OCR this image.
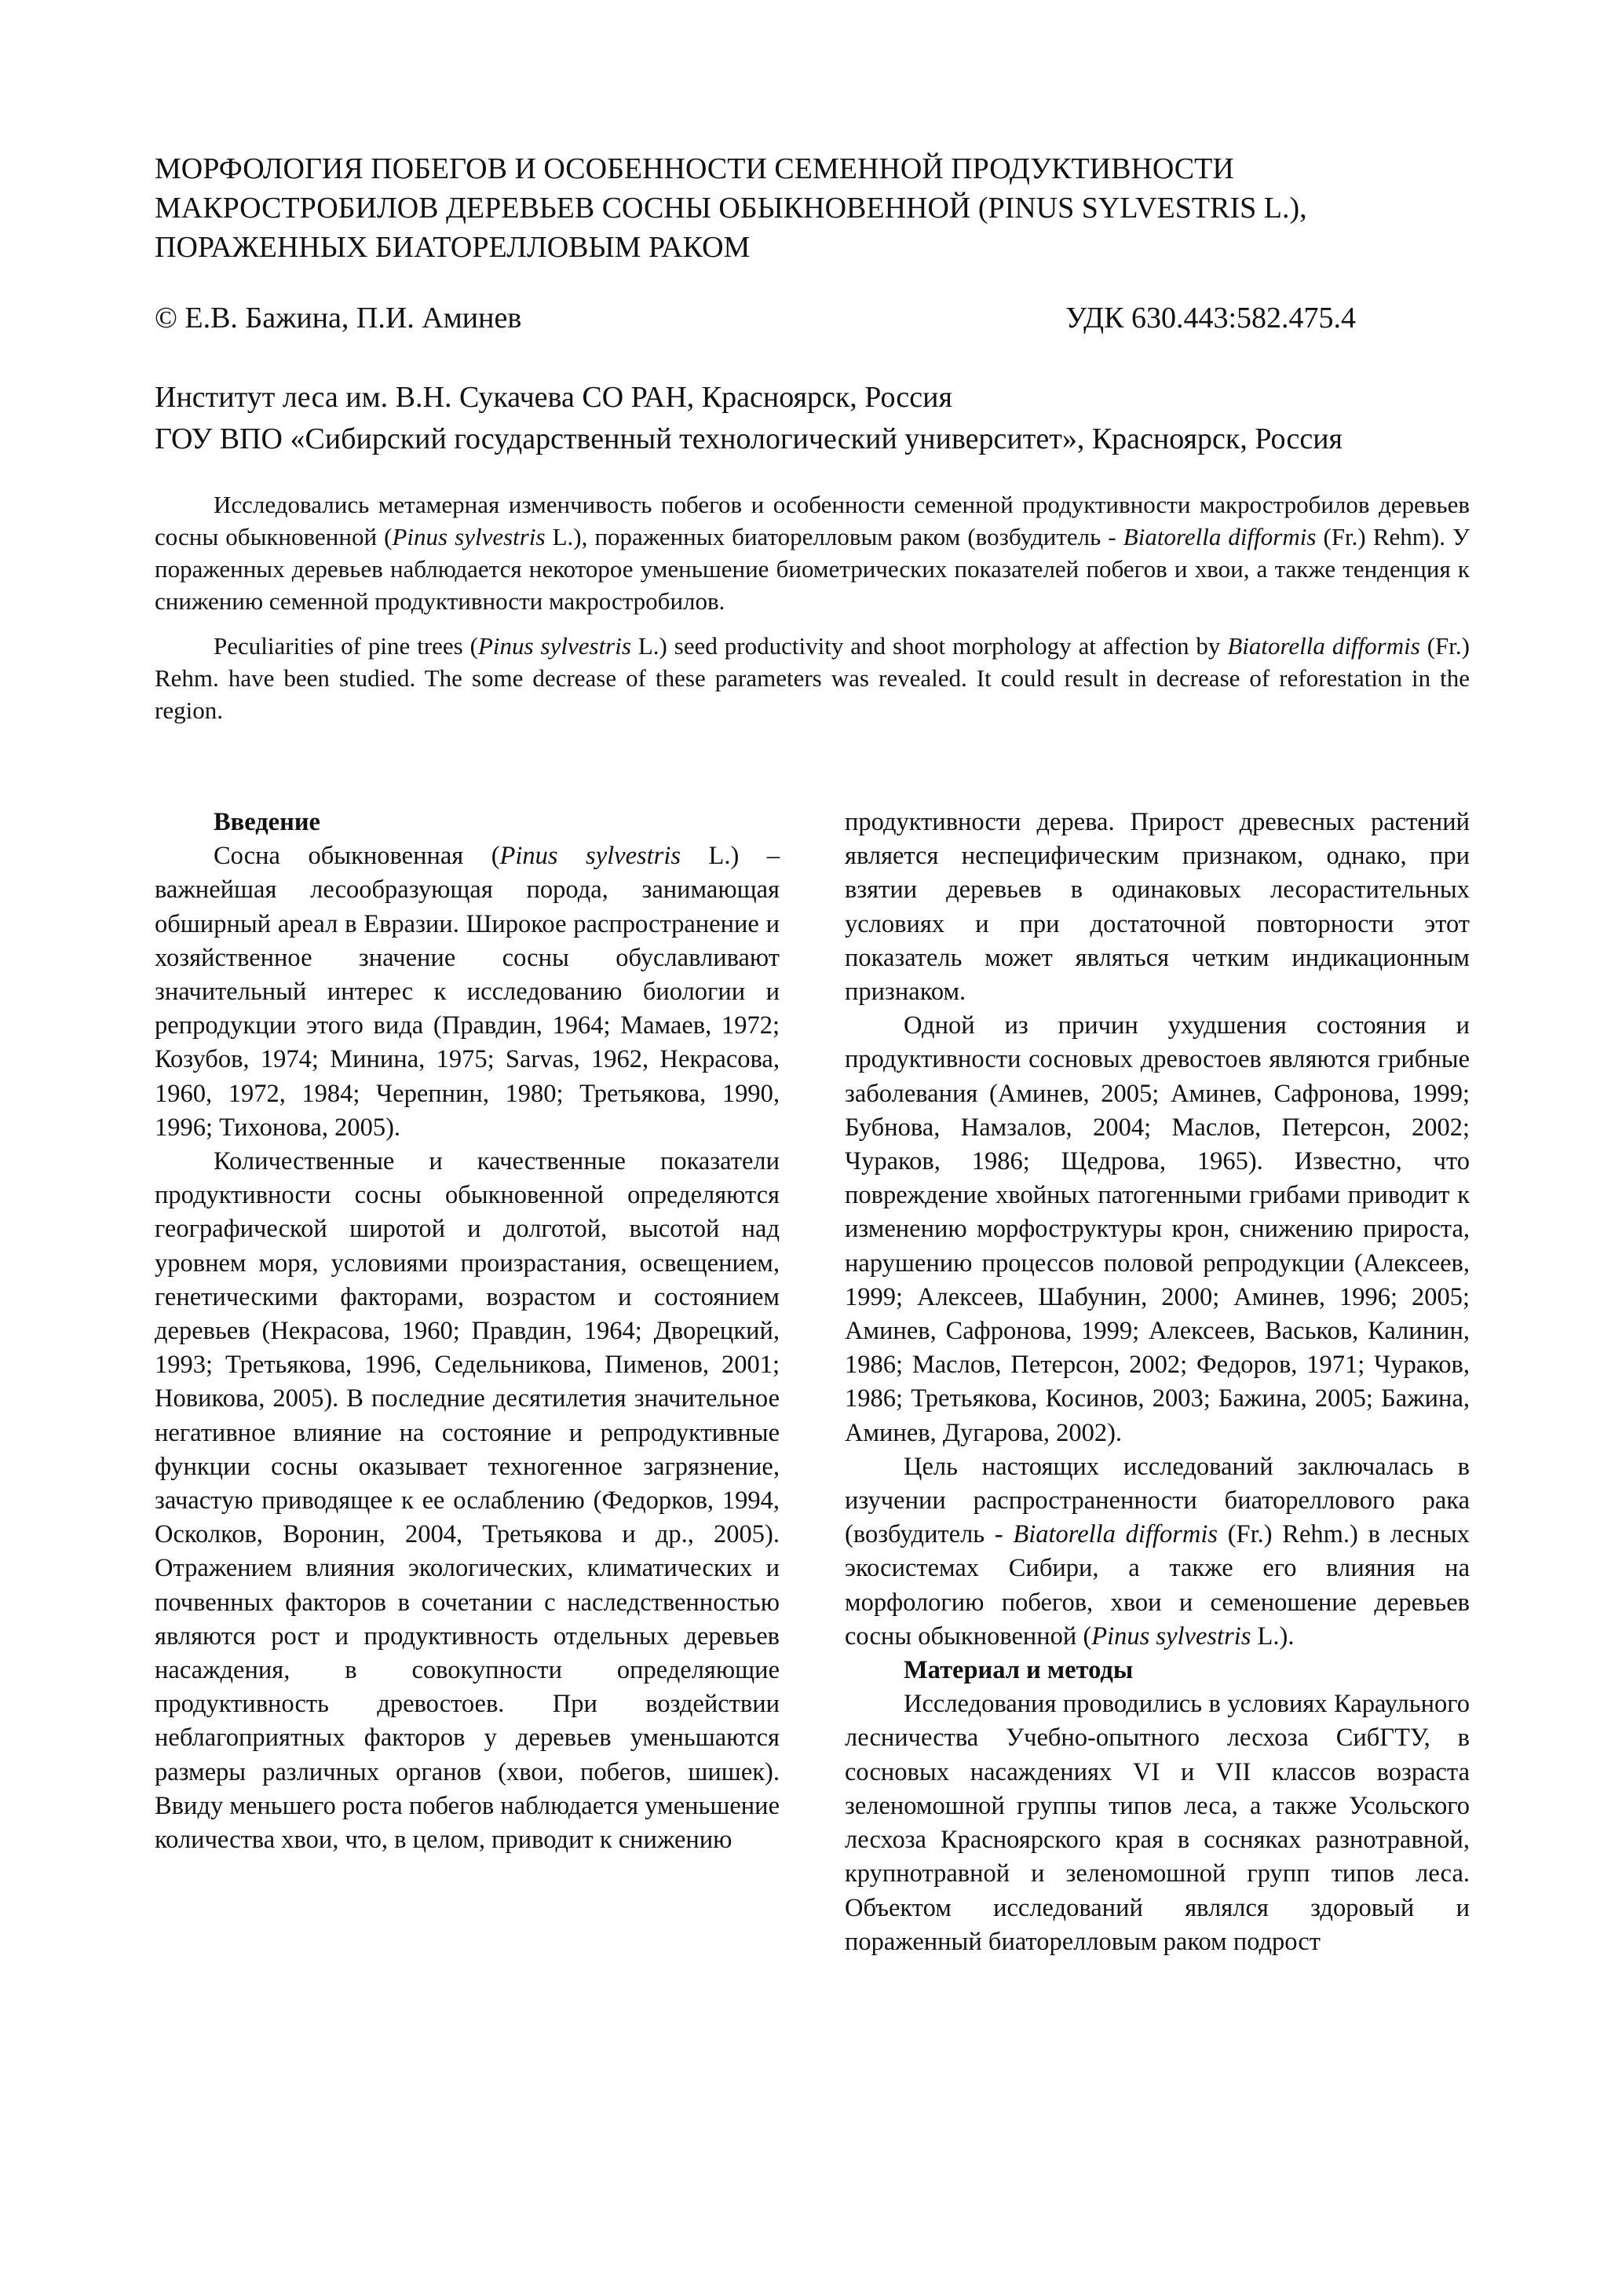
МОРФОЛОГИЯ ПОБЕГОВ И ОСОБЕННОСТИ СЕМЕННОЙ ПРОДУКТИВНОСТИ МАКРОСТРОБИЛОВ ДЕРЕВЬЕВ СОСНЫ ОБЫКНОВЕННОЙ (PINUS SYLVESTRIS L.), ПОРАЖЕННЫХ БИАТОРЕЛЛОВЫМ РАКОМ
© Е.В. Бажина, П.И. Аминев	УДК 630.443:582.475.4
Институт леса им. В.Н. Сукачева СО РАН, Красноярск, Россия
ГОУ ВПО «Сибирский государственный технологический университет», Красноярск, Россия

Исследовались метамерная изменчивость побегов и особенности семенной продуктивности макростробилов деревьев сосны обыкновенной (Pinus sylvestris L.), пораженных биаторелловым раком (возбудитель - Biatorella difformis (Fr.) Rehm). У пораженных деревьев наблюдается некоторое уменьшение биометрических показателей побегов и хвои, а также тенденция к снижению семенной продуктивности макростробилов.

Peculiarities of pine trees (Pinus sylvestris L.) seed productivity and shoot morphology at affection by Biatorella difformis (Fr.) Rehm. have been studied. The some decrease of these parameters was revealed. It could result in decrease of reforestation in the region.

Введение

Сосна обыкновенная (Pinus sylvestris L.) – важнейшая лесообразующая порода, занимающая обширный ареал в Евразии. Широкое распространение и хозяйственное значение сосны обуславливают значительный интерес к исследованию биологии и репродукции этого вида (Правдин, 1964; Мамаев, 1972; Козубов, 1974; Минина, 1975; Sarvas, 1962, Некрасова, 1960, 1972, 1984; Черепнин, 1980; Третьякова, 1990, 1996; Тихонова, 2005).

Количественные и качественные показатели продуктивности сосны обыкновенной определяются географической широтой и долготой, высотой над уровнем моря, условиями произрастания, освещением, генетическими факторами, возрастом и состоянием деревьев (Некрасова, 1960; Правдин, 1964; Дворецкий, 1993; Третьякова, 1996, Седельникова, Пименов, 2001; Новикова, 2005). В последние десятилетия значительное негативное влияние на состояние и репродуктивные функции сосны оказывает техногенное загрязнение, зачастую приводящее к ее ослаблению (Федорков, 1994, Осколков, Воронин, 2004, Третьякова и др., 2005). Отражением влияния экологических, климатических и почвенных факторов в сочетании с наследственностью являются рост и продуктивность отдельных деревьев насаждения, в совокупности определяющие продуктивность древостоев. При воздействии неблагоприятных факторов у деревьев уменьшаются размеры различных органов (хвои, побегов, шишек). Ввиду меньшего роста побегов наблюдается уменьшение количества хвои, что, в целом, приводит к снижению

продуктивности дерева. Прирост древесных растений является неспецифическим признаком, однако, при взятии деревьев в одинаковых лесорастительных условиях и при достаточной повторности этот показатель может являться четким индикационным признаком.

Одной из причин ухудшения состояния и продуктивности сосновых древостоев являются грибные заболевания (Аминев, 2005; Аминев, Сафронова, 1999; Бубнова, Намзалов, 2004; Маслов, Петерсон, 2002; Чураков, 1986; Щедрова, 1965). Известно, что повреждение хвойных патогенными грибами приводит к изменению морфоструктуры крон, снижению прироста, нарушению процессов половой репродукции (Алексеев, 1999; Алексеев, Шабунин, 2000; Аминев, 1996; 2005; Аминев, Сафронова, 1999; Алексеев, Васьков, Калинин, 1986; Маслов, Петерсон, 2002; Федоров, 1971; Чураков, 1986; Третьякова, Косинов, 2003; Бажина, 2005; Бажина, Аминев, Дугарова, 2002).

Цель настоящих исследований заключалась в изучении распространенности биатореллового рака (возбудитель - Biatorella difformis (Fr.) Rehm.) в лесных экосистемах Сибири, а также его влияния на морфологию побегов, хвои и семеношение деревьев сосны обыкновенной (Pinus sylvestris L.).

Материал и методы

Исследования проводились в условиях Караульного лесничества Учебно-опытного лесхоза СибГТУ, в сосновых насаждениях VI и VII классов возраста зеленомошной группы типов леса, а также Усольского лесхоза Красноярского края в сосняках разнотравной, крупнотравной и зеленомошной групп типов леса. Объектом исследований являлся здоровый и пораженный биаторелловым раком подрост
